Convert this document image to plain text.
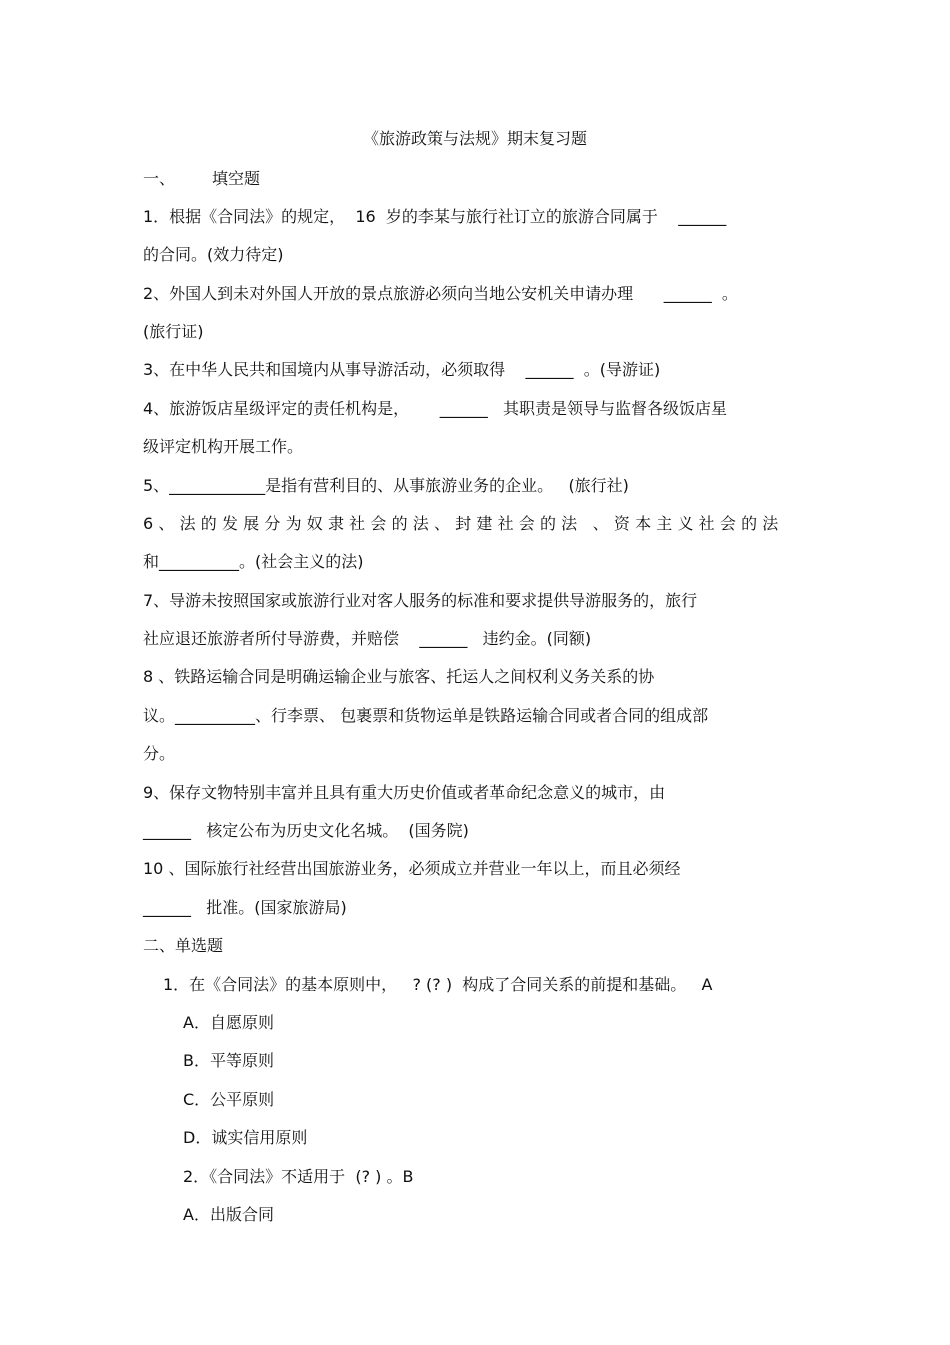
《旅游政策与法规》期末复习题
一、 填空题
1．根据《合同法》的规定，  16  岁的李某与旅行社订立的旅游合同属于    ______
的合同。(效力待定)
2、外国人到未对外国人开放的景点旅游必须向当地公安机关申请办理      ______  。
(旅行证)
3、在中华人民共和国境内从事导游活动，必须取得    ______  。(导游证)
4、旅游饭店星级评定的责任机构是，      ______   其职责是领导与监督各级饭店星
级评定机构开展工作。
5、____________是指有营利目的、从事旅游业务的企业。   (旅行社)
6、法的发展分为奴隶社会的法、封建社会的法 、资本主义社会的法
和__________。(社会主义的法)
7、导游未按照国家或旅游行业对客人服务的标准和要求提供导游服务的，旅行
社应退还旅游者所付导游费，并赔偿    ______   违约金。(同额)
8 、铁路运输合同是明确运输企业与旅客、托运人之间权利义务关系的协
议。__________、行李票、 包裹票和货物运单是铁路运输合同或者合同的组成部
分。
9、保存文物特别丰富并且具有重大历史价值或者革命纪念意义的城市，由
______   核定公布为历史文化名城。  (国务院)
10 、国际旅行社经营出国旅游业务，必须成立并营业一年以上，而且必须经
______   批准。(国家旅游局)
二、单选题
1．在《合同法》的基本原则中，   ? (? )  构成了合同关系的前提和基础。   A
A．自愿原则
B．平等原则
C．公平原则
D．诚实信用原则
2．《合同法》不适用于  (? ) 。B
A．出版合同
